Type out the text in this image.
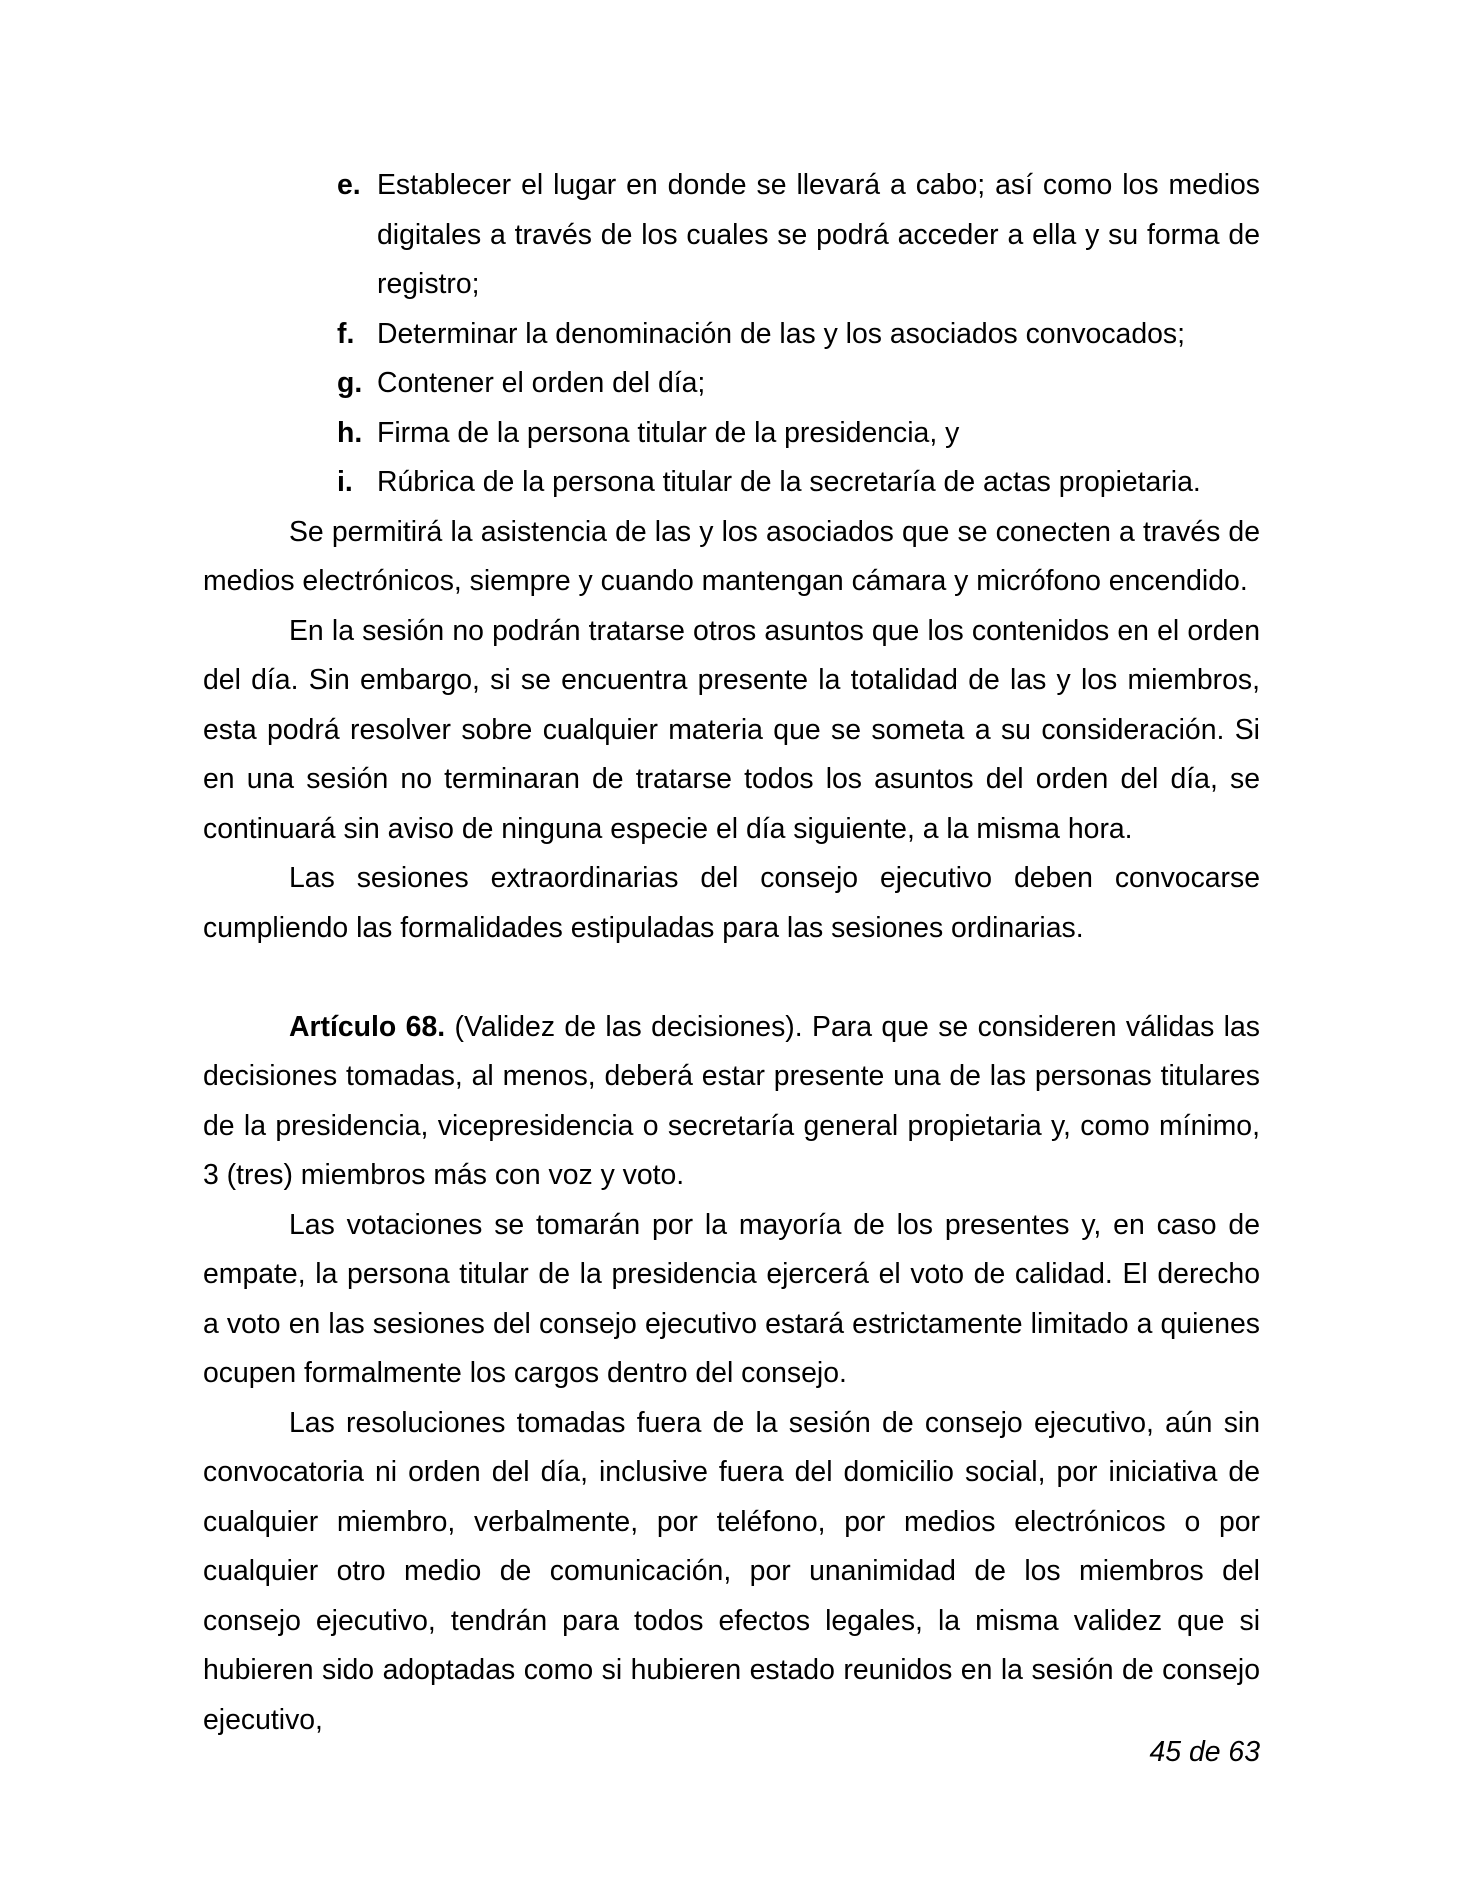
e. Establecer el lugar en donde se llevará a cabo; así como los medios digitales a través de los cuales se podrá acceder a ella y su forma de registro;
f. Determinar la denominación de las y los asociados convocados;
g. Contener el orden del día;
h. Firma de la persona titular de la presidencia, y
i. Rúbrica de la persona titular de la secretaría de actas propietaria.

Se permitirá la asistencia de las y los asociados que se conecten a través de medios electrónicos, siempre y cuando mantengan cámara y micrófono encendido.

En la sesión no podrán tratarse otros asuntos que los contenidos en el orden del día. Sin embargo, si se encuentra presente la totalidad de las y los miembros, esta podrá resolver sobre cualquier materia que se someta a su consideración. Si en una sesión no terminaran de tratarse todos los asuntos del orden del día, se continuará sin aviso de ninguna especie el día siguiente, a la misma hora.

Las sesiones extraordinarias del consejo ejecutivo deben convocarse cumpliendo las formalidades estipuladas para las sesiones ordinarias.

Artículo 68. (Validez de las decisiones). Para que se consideren válidas las decisiones tomadas, al menos, deberá estar presente una de las personas titulares de la presidencia, vicepresidencia o secretaría general propietaria y, como mínimo, 3 (tres) miembros más con voz y voto.

Las votaciones se tomarán por la mayoría de los presentes y, en caso de empate, la persona titular de la presidencia ejercerá el voto de calidad. El derecho a voto en las sesiones del consejo ejecutivo estará estrictamente limitado a quienes ocupen formalmente los cargos dentro del consejo.

Las resoluciones tomadas fuera de la sesión de consejo ejecutivo, aún sin convocatoria ni orden del día, inclusive fuera del domicilio social, por iniciativa de cualquier miembro, verbalmente, por teléfono, por medios electrónicos o por cualquier otro medio de comunicación, por unanimidad de los miembros del consejo ejecutivo, tendrán para todos efectos legales, la misma validez que si hubieren sido adoptadas como si hubieren estado reunidos en la sesión de consejo ejecutivo,

45 de 63
